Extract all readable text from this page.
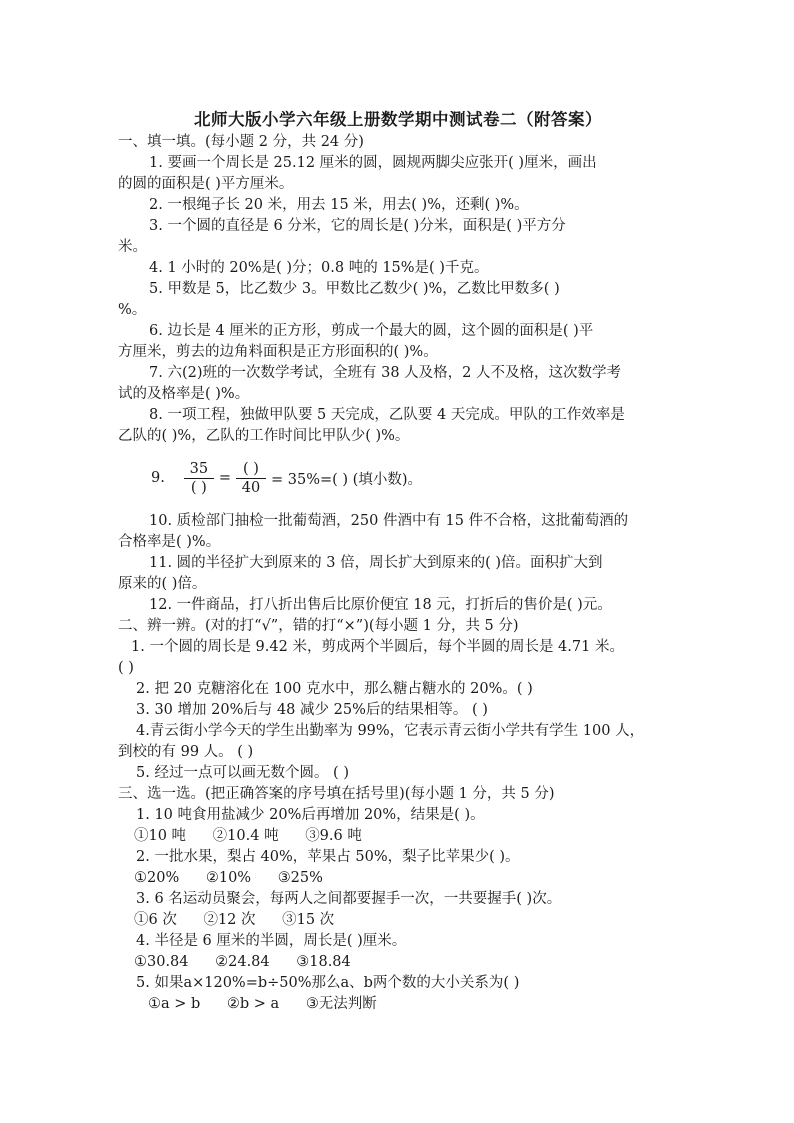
北师大版小学六年级上册数学期中测试卷二（附答案）
一、填一填。(每小题 2 分，共 24 分)
1. 要画一个周长是 25.12 厘米的圆，圆规两脚尖应张开( )厘米，画出
的圆的面积是( )平方厘米。
2. 一根绳子长 20 米，用去 15 米，用去( )%，还剩( )%。
3. 一个圆的直径是 6 分米，它的周长是( )分米，面积是( )平方分
米。
4. 1 小时的 20%是( )分；0.8 吨的 15%是( )千克。
5. 甲数是 5，比乙数少 3。甲数比乙数少( )%，乙数比甲数多( )
%。
6. 边长是 4 厘米的正方形，剪成一个最大的圆，这个圆的面积是( )平
方厘米，剪去的边角料面积是正方形面积的( )%。
7. 六(2)班的一次数学考试，全班有 38 人及格，2 人不及格，这次数学考
试的及格率是( )%。
8. 一项工程，独做甲队要 5 天完成，乙队要 4 天完成。甲队的工作效率是
乙队的( )%，乙队的工作时间比甲队少( )%。
9. $\frac{35}{( )} = \frac{( )}{40} = 35\%=$( ) (填小数)。
10. 质检部门抽检一批葡萄酒，250 件酒中有 15 件不合格，这批葡萄酒的
合格率是( )%。
11. 圆的半径扩大到原来的 3 倍，周长扩大到原来的( )倍。面积扩大到
原来的( )倍。
12. 一件商品，打八折出售后比原价便宜 18 元，打折后的售价是( )元。
二、辨一辨。(对的打“√”，错的打“×”)(每小题 1 分，共 5 分)
1. 一个圆的周长是 9.42 米，剪成两个半圆后，每个半圆的周长是 4.71 米。
( )
2. 把 20 克糖溶化在 100 克水中，那么糖占糖水的 20%。( )
3. 30 增加 20%后与 48 减少 25%后的结果相等。 ( )
4.青云街小学今天的学生出勤率为 99%，它表示青云街小学共有学生 100 人，
到校的有 99 人。 ( )
5. 经过一点可以画无数个圆。 ( )
三、选一选。(把正确答案的序号填在括号里)(每小题 1 分，共 5 分)
1. 10 吨食用盐减少 20%后再增加 20%，结果是( )。
①10 吨 ②10.4 吨 ③9.6 吨
2. 一批水果，梨占 40%，苹果占 50%，梨子比苹果少( )。
①20% ②10% ③25%
3. 6 名运动员聚会，每两人之间都要握手一次，一共要握手( )次。
①6 次 ②12 次 ③15 次
4. 半径是 6 厘米的半圆，周长是( )厘米。
①30.84 ②24.84 ③18.84
5. 如果a×120%=b÷50%那么a、b两个数的大小关系为( )
①a > b ②b > a ③无法判断
